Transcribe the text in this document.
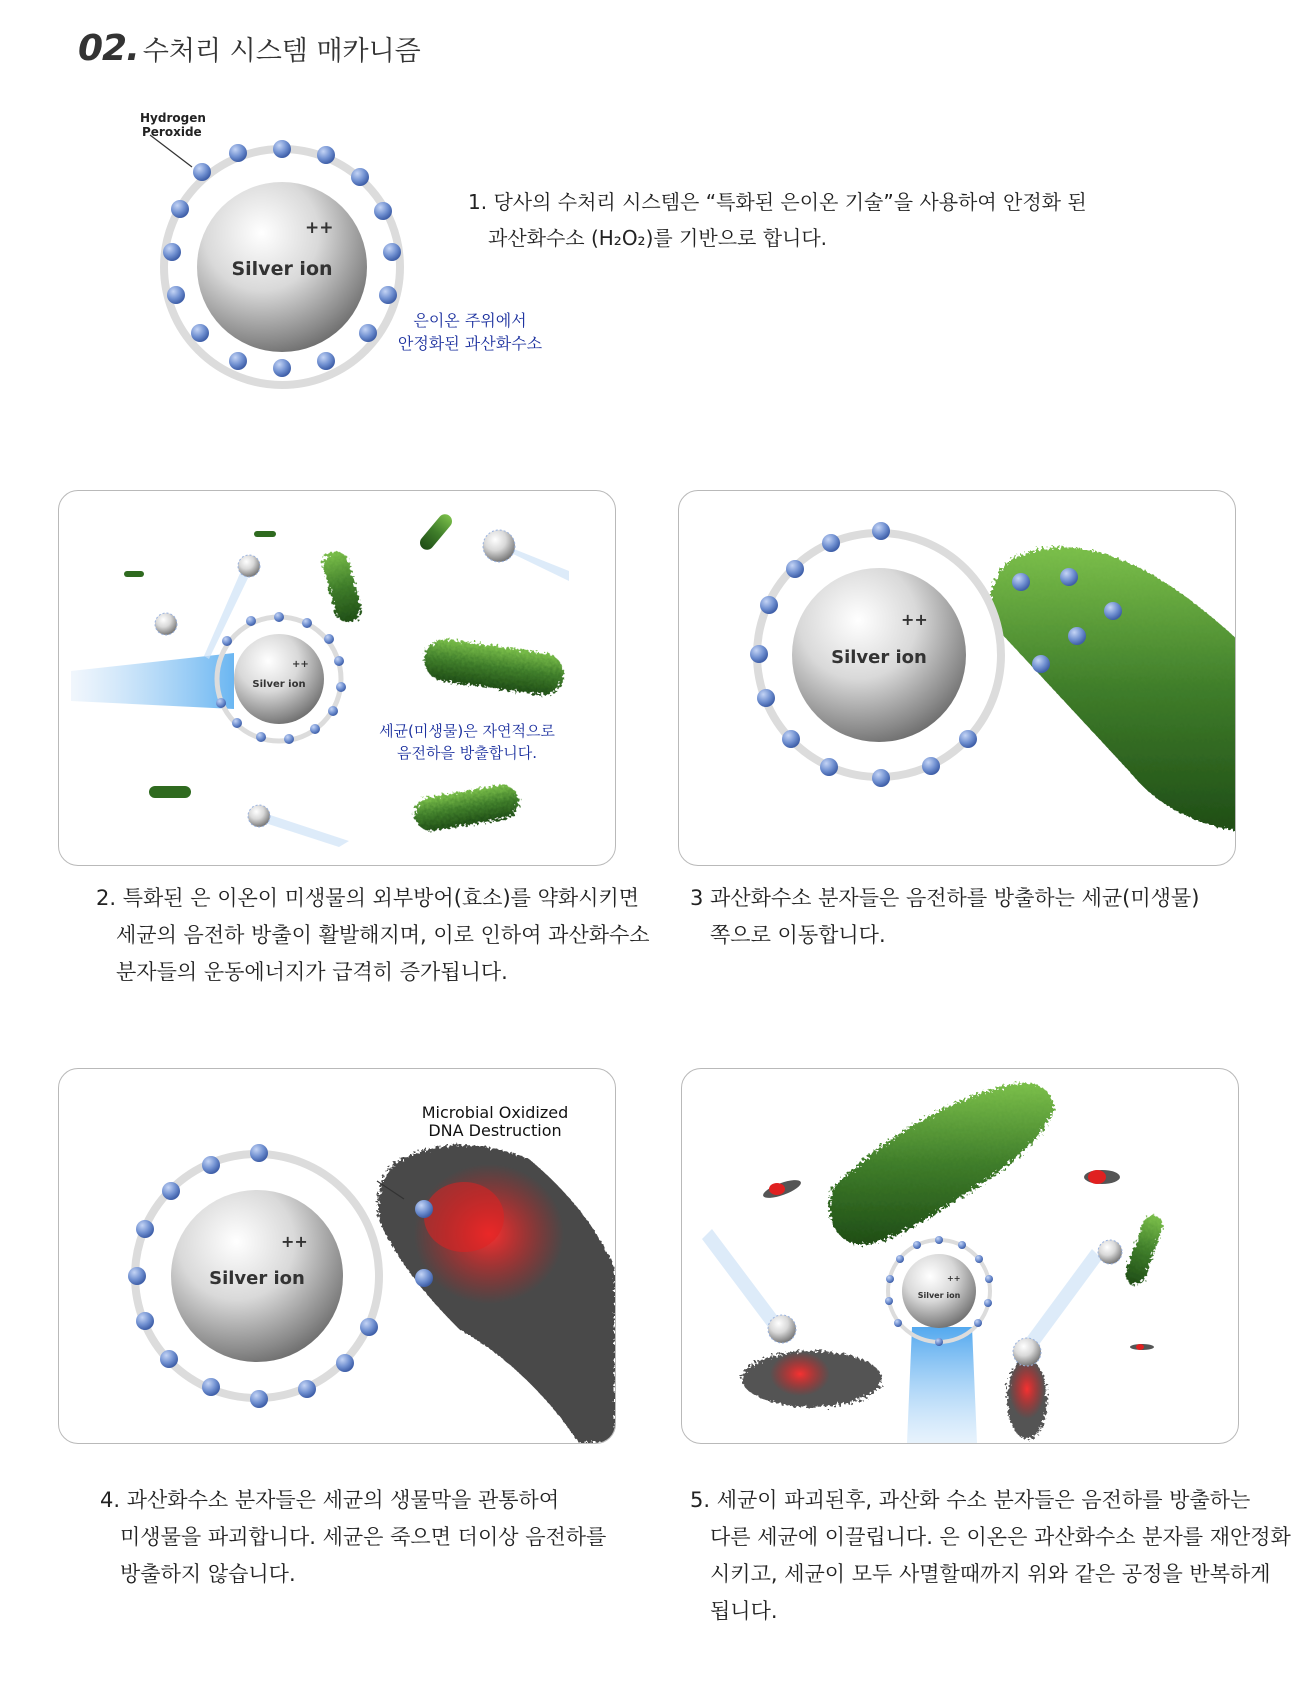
02. 수처리 시스템 매카니즘
Hydrogen
Peroxide
Silver ion
++
은이온 주위에서
안정화된 과산화수소
1. 당사의 수처리 시스템은 “특화된 은이온 기술”을 사용하여 안정화 된
과산화수소 (H₂O₂)를 기반으로 합니다.
Silver ion
++
세균(미생물)은 자연적으로
음전하을 방출합니다.
2. 특화된 은 이온이 미생물의 외부방어(효소)를 약화시키면
세균의 음전하 방출이 활발해지며, 이로 인하여 과산화수소
분자들의 운동에너지가 급격히 증가됩니다.
Silver ion
++
3 과산화수소 분자들은 음전하를 방출하는 세균(미생물)
쪽으로 이동합니다.
Microbial Oxidized
DNA Destruction
Silver ion
++
4. 과산화수소 분자들은 세균의 생물막을 관통하여
미생물을 파괴합니다. 세균은 죽으면 더이상 음전하를
방출하지 않습니다.
Silver ion
++
5. 세균이 파괴된후, 과산화 수소 분자들은 음전하를 방출하는
다른 세균에 이끌립니다. 은 이온은 과산화수소 분자를 재안정화
시키고, 세균이 모두 사멸할때까지 위와 같은 공정을 반복하게
됩니다.
